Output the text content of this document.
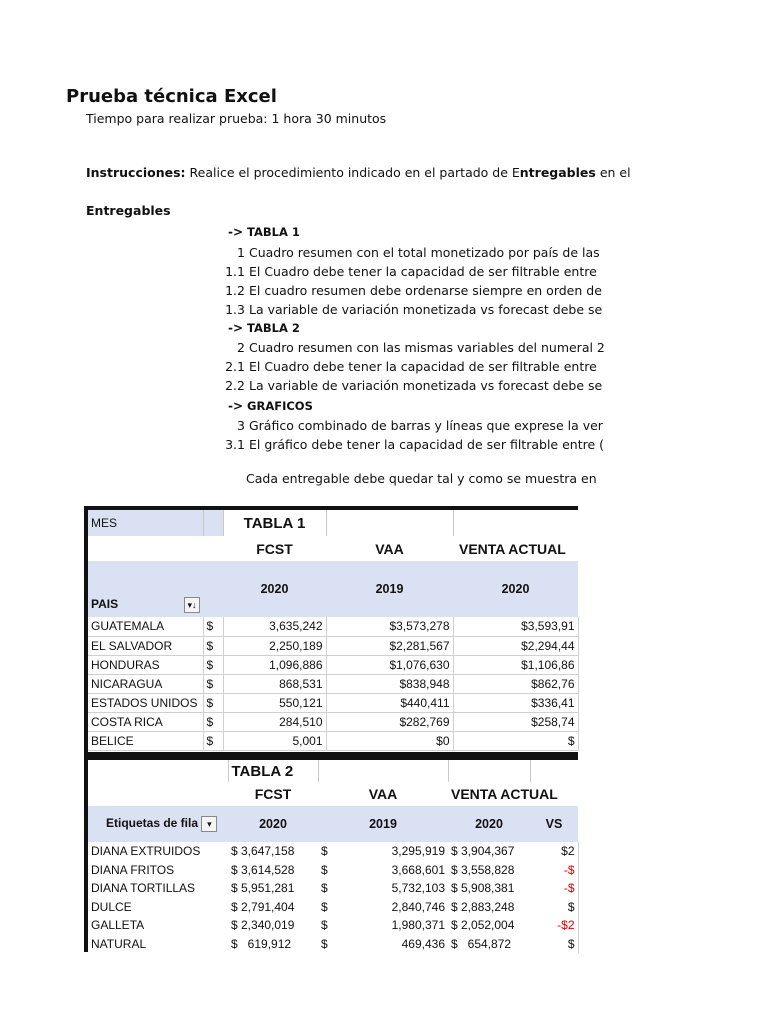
Prueba técnica Excel
Tiempo para realizar prueba: 1 hora 30 minutos
Instrucciones: Realice el procedimiento indicado en el partado de Entregables en el
Entregables
-> TABLA 1
1 Cuadro resumen con el total monetizado por país de las
1.1 El Cuadro debe tener la capacidad de ser filtrable entre
1.2 El cuadro resumen debe ordenarse siempre en orden de
1.3 La variable de variación monetizada vs forecast debe se
-> TABLA 2
2 Cuadro resumen con las mismas variables del numeral 2
2.1 El Cuadro debe tener la capacidad de ser filtrable entre
2.2 La variable de variación monetizada vs forecast debe se
-> GRAFICOS
3 Gráfico combinado de barras y líneas que exprese la ver
3.1 El gráfico debe tener la capacidad de ser filtrable entre (
Cada entregable debe quedar tal y como se muestra en
MES		TABLA 1		
		FCST	VAA	VENTA ACTUAL
PAIS ▾↓		2020	2019	2020
GUATEMALA	$	3,635,242	$3,573,278	$3,593,91
EL SALVADOR	$	2,250,189	$2,281,567	$2,294,44
HONDURAS	$	1,096,886	$1,076,630	$1,106,86
NICARAGUA	$	868,531	$838,948	$862,76
ESTADOS UNIDOS	$	550,121	$440,411	$336,41
COSTA RICA	$	284,510	$282,769	$258,74
BELICE	$	5,001	$0	$
	TABLA 2			
	FCST	VAA	VENTA ACTUAL	
Etiquetas de fila ▾	2020	2019	2020	VS
DIANA EXTRUIDOS	$ 3,647,158	$ 3,295,919	$ 3,904,367	$2
DIANA FRITOS	$ 3,614,528	$ 3,668,601	$ 3,558,828	-$
DIANA TORTILLAS	$ 5,951,281	$ 5,732,103	$ 5,908,381	-$
DULCE	$ 2,791,404	$ 2,840,746	$ 2,883,248	$
GALLETA	$ 2,340,019	$ 1,980,371	$ 2,052,004	-$2
NATURAL	$   619,912	$ 469,436	$   654,872	$
